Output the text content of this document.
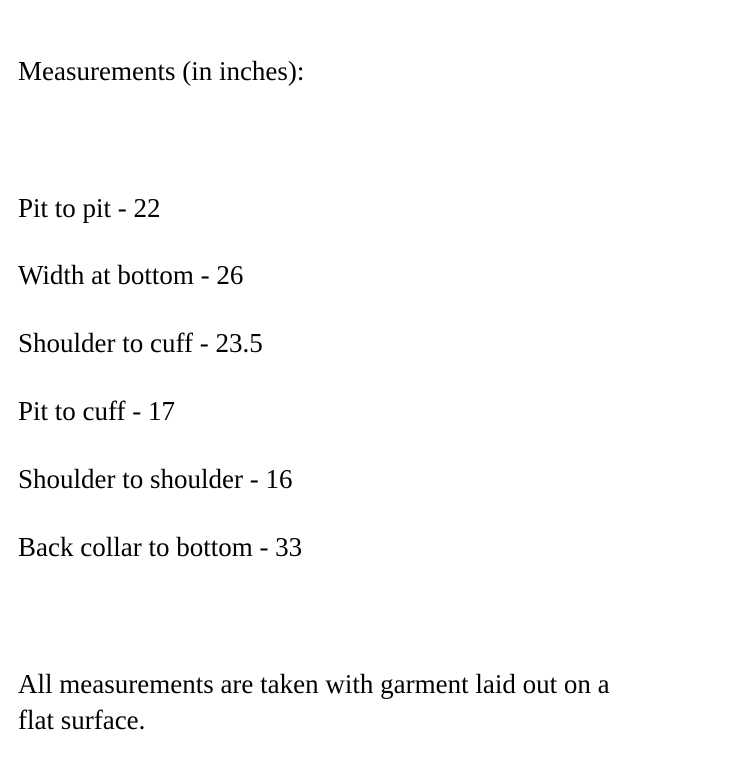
Measurements (in inches):
Pit to pit - 22
Width at bottom - 26
Shoulder to cuff - 23.5
Pit to cuff - 17
Shoulder to shoulder - 16
Back collar to bottom - 33
All measurements are taken with garment laid out on a
flat surface.
